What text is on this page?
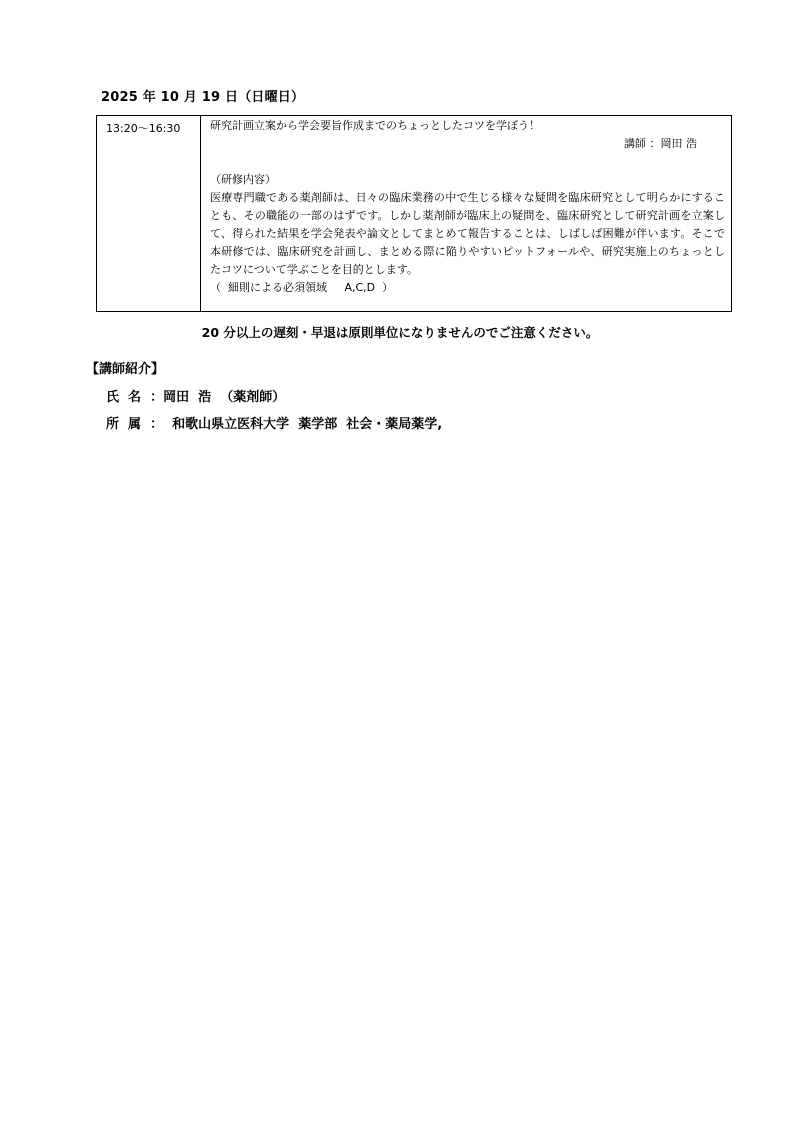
2025 年 10 月 19 日（日曜日）
13:20〜16:30	研究計画立案から学会要旨作成までのちょっとしたコツを学ぼう！
講師 ：岡田 浩
（研修内容）
医療専門職である薬剤師は、日々の臨床業務の中で生じる様々な疑問を臨床研究として明らかにすることも、その職能の一部のはずです。しかし薬剤師が臨床上の疑問を、臨床研究として研究計画を立案して、得られた結果を学会発表や論文としてまとめて報告することは、しばしば困難が伴います。そこで本研修では、臨床研究を計画し、まとめる際に陥りやすいピットフォールや、研究実施上のちょっとしたコツについて学ぶことを目的とします。
（  細則による必須領域     A,C,D  ）
20 分以上の遅刻・早退は原則単位になりませんのでご注意ください。
【講師紹介】
氏  名  ：岡田  浩  （薬剤師）
所  属  ：  和歌山県立医科大学  薬学部  社会・薬局薬学,
